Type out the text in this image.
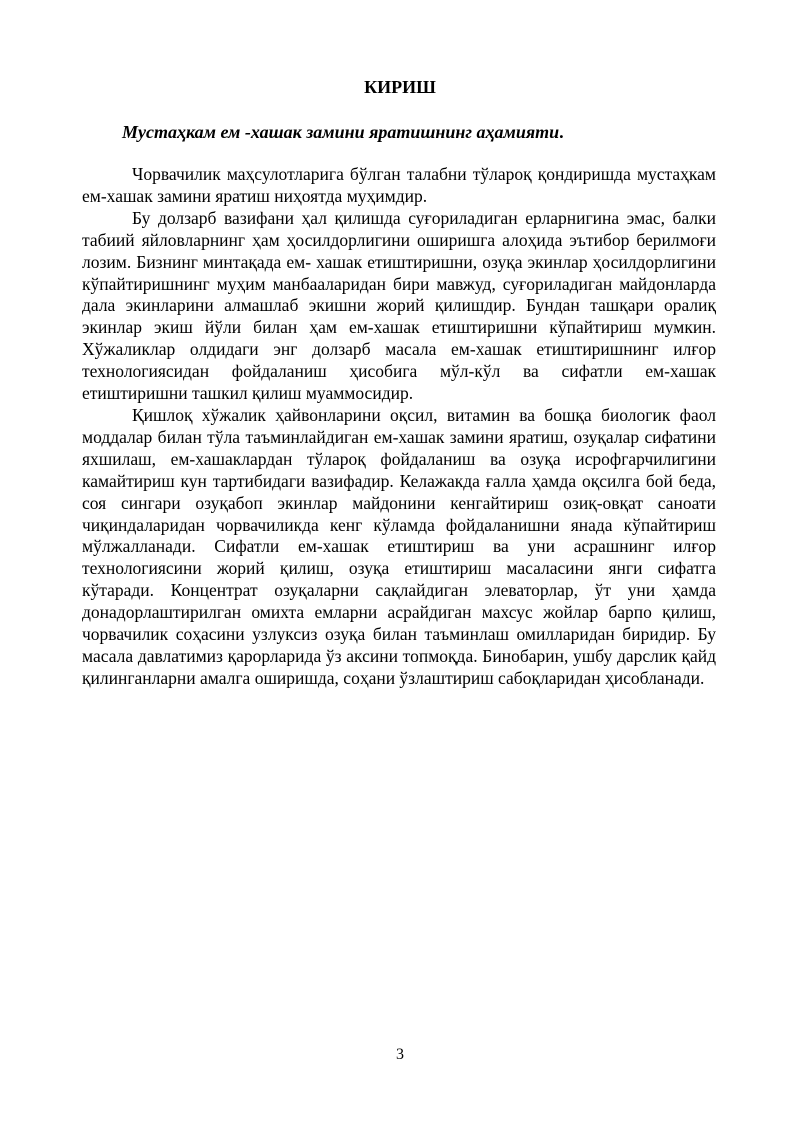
КИРИШ

Мустаҳкам ем -хашак замини яратишнинг аҳамияти.

Чорвачилик маҳсулотларига бўлган талабни тўлароқ қондиришда мустаҳкам ем-хашак замини яратиш ниҳоятда муҳимдир.

Бу долзарб вазифани ҳал қилишда суғориладиган ерларнигина эмас, балки табиий яйловларнинг ҳам ҳосилдорлигини оширишга алоҳида эътибор берилмоғи лозим. Бизнинг минтақада ем- хашак етиштиришни, озуқа экинлар ҳосилдорлигини кўпайтиришнинг муҳим манбааларидан бири мавжуд, суғориладиган майдонларда дала экинларини алмашлаб экишни жорий қилишдир. Бундан ташқари оралиқ экинлар экиш йўли билан ҳам ем-хашак етиштиришни кўпайтириш мумкин. Хўжаликлар олдидаги энг долзарб масала ем-хашак етиштиришнинг илғор технологиясидан фойдаланиш ҳисобига мўл-кўл ва сифатли ем-хашак етиштиришни ташкил қилиш муаммосидир.

Қишлоқ хўжалик ҳайвонларини оқсил, витамин ва бошқа биологик фаол моддалар билан тўла таъминлайдиган ем-хашак замини яратиш, озуқалар сифатини яхшилаш, ем-хашаклардан тўлароқ фойдаланиш ва озуқа исрофгарчилигини камайтириш кун тартибидаги вазифадир. Келажакда ғалла ҳамда оқсилга бой беда, соя сингари озуқабоп экинлар майдонини кенгайтириш озиқ-овқат саноати чиқиндаларидан чорвачиликда кенг кўламда фойдаланишни янада кўпайтириш мўлжалланади. Сифатли ем-хашак етиштириш ва уни асрашнинг илғор технологиясини жорий қилиш, озуқа етиштириш масаласини янги сифатга кўтаради. Концентрат озуқаларни сақлайдиган элеваторлар, ўт уни ҳамда донадорлаштирилган омихта емларни асрайдиган махсус жойлар барпо қилиш, чорвачилик соҳасини узлуксиз озуқа билан таъминлаш омилларидан биридир. Бу масала давлатимиз қарорларида ўз аксини топмоқда. Бинобарин, ушбу дарслик қайд қилинганларни амалга оширишда, соҳани ўзлаштириш сабоқларидан ҳисобланади.

3
